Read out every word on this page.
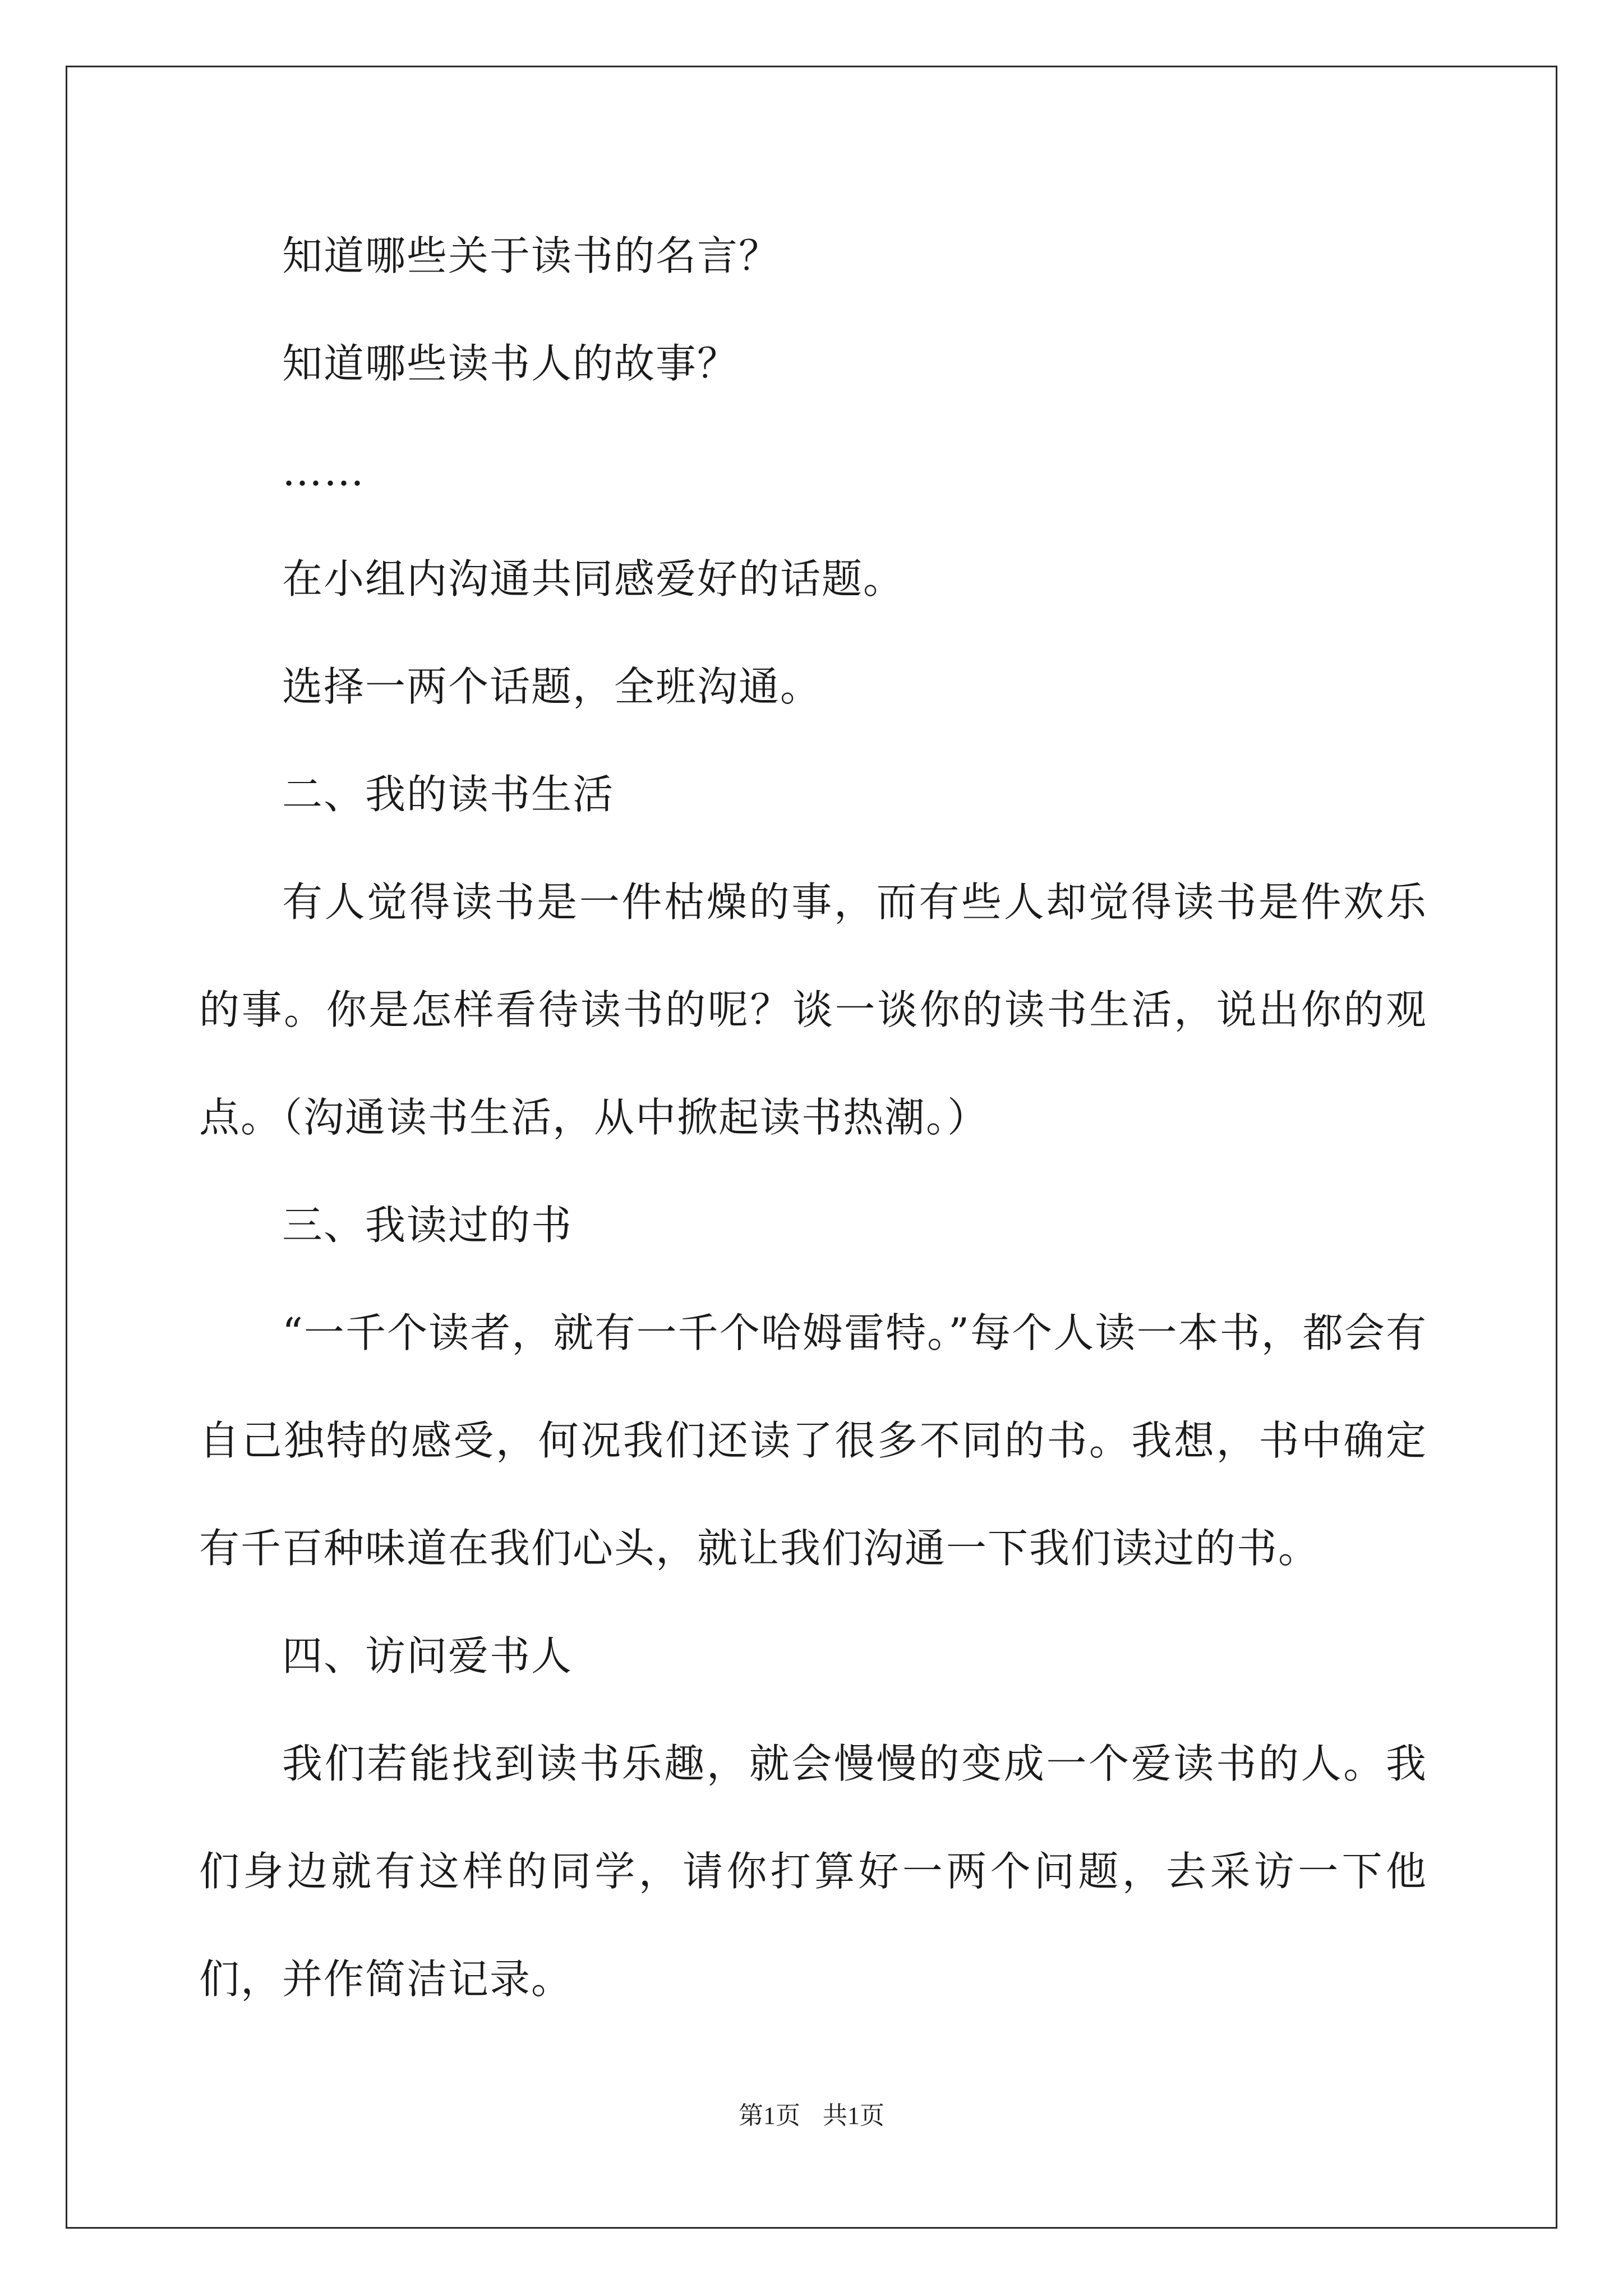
知道哪些关于读书的名言？

知道哪些读书人的故事？

……

在小组内沟通共同感爱好的话题。

选择一两个话题，全班沟通。

二、我的读书生活

有人觉得读书是一件枯燥的事，而有些人却觉得读书是件欢乐的事。你是怎样看待读书的呢？谈一谈你的读书生活，说出你的观点。（沟通读书生活，从中掀起读书热潮。）

三、我读过的书

“一千个读者，就有一千个哈姆雷特。”每个人读一本书，都会有自己独特的感受，何况我们还读了很多不同的书。我想，书中确定有千百种味道在我们心头，就让我们沟通一下我们读过的书。

四、访问爱书人

我们若能找到读书乐趣，就会慢慢的变成一个爱读书的人。我们身边就有这样的同学，请你打算好一两个问题，去采访一下他们，并作简洁记录。

第1页 共1页
